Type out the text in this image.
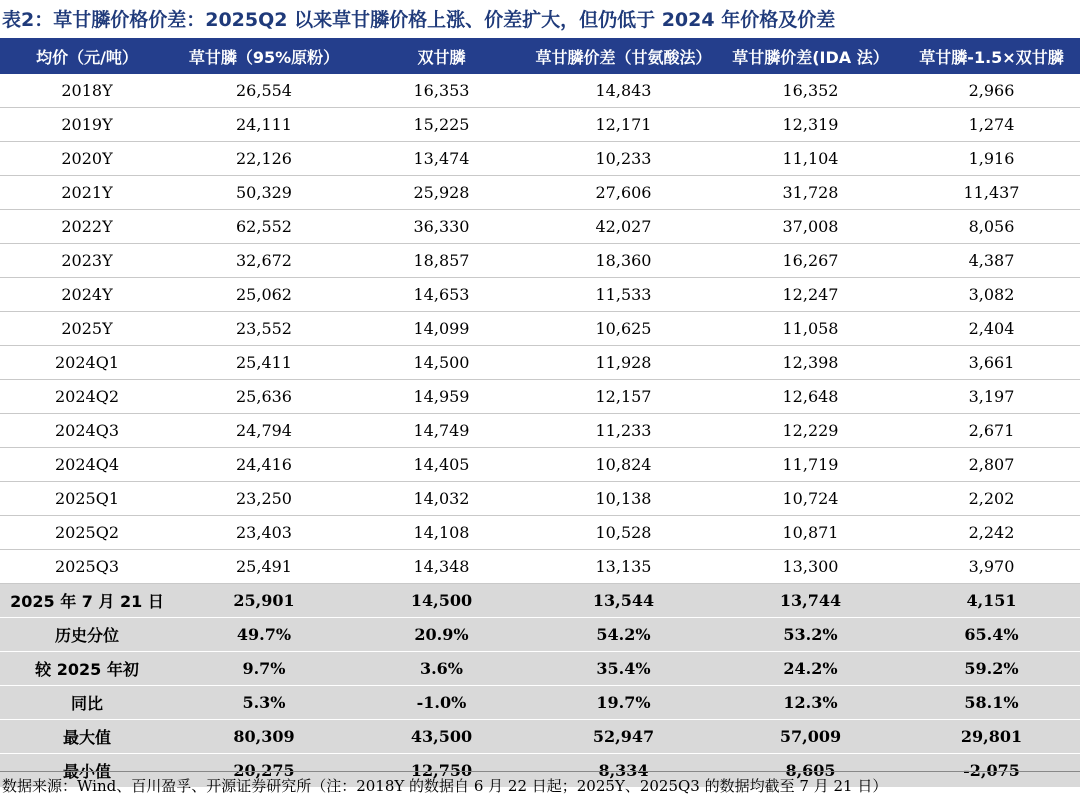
表2：草甘膦价格价差：2025Q2 以来草甘膦价格上涨、价差扩大，但仍低于 2024 年价格及价差
均价（元/吨）	草甘膦（95%原粉）	双甘膦	草甘膦价差（甘氨酸法）	草甘膦价差(IDA 法）	草甘膦-1.5×双甘膦
2018Y	26,554	16,353	14,843	16,352	2,966
2019Y	24,111	15,225	12,171	12,319	1,274
2020Y	22,126	13,474	10,233	11,104	1,916
2021Y	50,329	25,928	27,606	31,728	11,437
2022Y	62,552	36,330	42,027	37,008	8,056
2023Y	32,672	18,857	18,360	16,267	4,387
2024Y	25,062	14,653	11,533	12,247	3,082
2025Y	23,552	14,099	10,625	11,058	2,404
2024Q1	25,411	14,500	11,928	12,398	3,661
2024Q2	25,636	14,959	12,157	12,648	3,197
2024Q3	24,794	14,749	11,233	12,229	2,671
2024Q4	24,416	14,405	10,824	11,719	2,807
2025Q1	23,250	14,032	10,138	10,724	2,202
2025Q2	23,403	14,108	10,528	10,871	2,242
2025Q3	25,491	14,348	13,135	13,300	3,970
2025 年 7 月 21 日	25,901	14,500	13,544	13,744	4,151
历史分位	49.7%	20.9%	54.2%	53.2%	65.4%
较 2025 年初	9.7%	3.6%	35.4%	24.2%	59.2%
同比	5.3%	-1.0%	19.7%	12.3%	58.1%
最大值	80,309	43,500	52,947	57,009	29,801
最小值	20,275	12,750	8,334	8,605	-2,075
数据来源：Wind、百川盈孚、开源证券研究所（注：2018Y 的数据自 6 月 22 日起；2025Y、2025Q3 的数据均截至 7 月 21 日）
